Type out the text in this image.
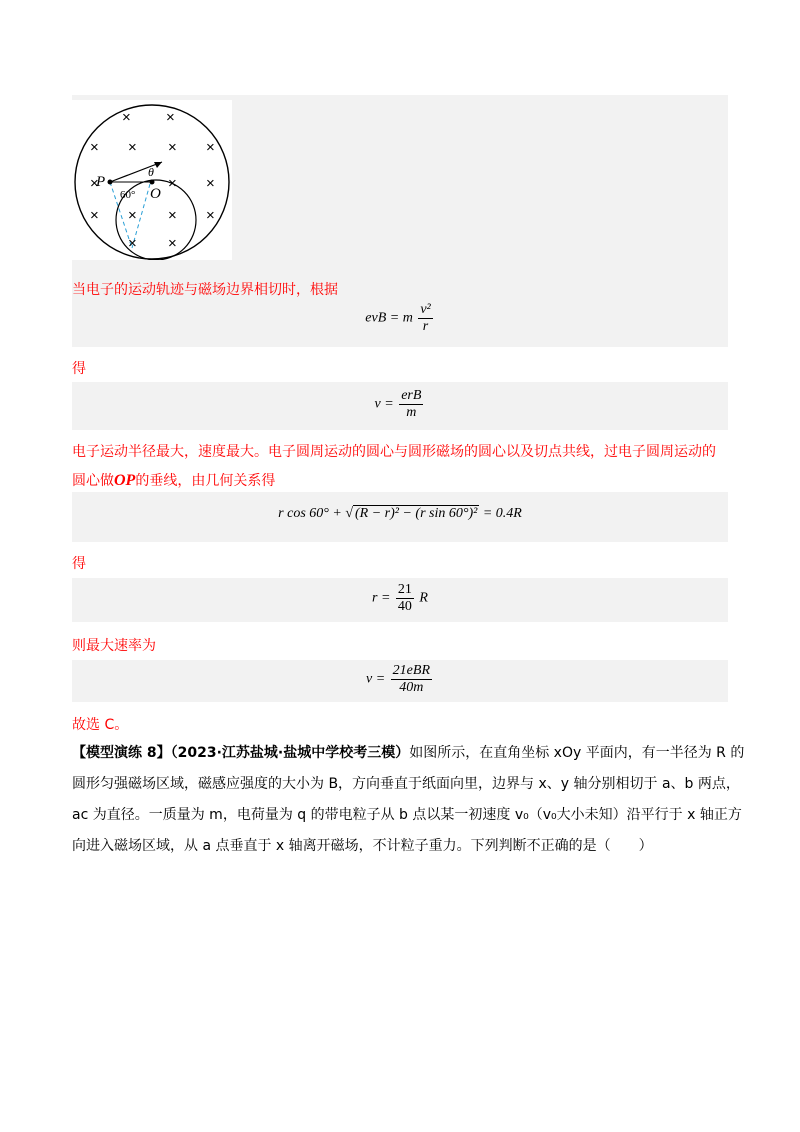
× ×
× × × ×
×	× ×
× × × ×
× ×
P
O
θ
60°
当电子的运动轨迹与磁场边界相切时，根据
evB = m $\frac{\text{v²}}{r}$
得
$v = \frac{\text{erB}}{m}$
电子运动半径最大，速度最大。电子圆周运动的圆心与圆形磁场的圆心以及切点共线，过电子圆周运动的
圆心做OP的垂线，由几何关系得
r cos 60° + √ (R − r)² − (r sin 60°)² = 0.4R
得
$r = \frac{21}{40}$ R
则最大速率为
$v = \frac{\text{21eBR}}{40m}$
故选 C。
【模型演练 8】（2023·江苏盐城·盐城中学校考三模）如图所示，在直角坐标 xOy 平面内，有一半径为 R 的
圆形匀强磁场区域，磁感应强度的大小为 B，方向垂直于纸面向里，边界与 x、y 轴分别相切于 a、b 两点，
ac 为直径。一质量为 m，电荷量为 q 的带电粒子从 b 点以某一初速度 v₀（v₀大小未知）沿平行于 x 轴正方
向进入磁场区域，从 a 点垂直于 x 轴离开磁场，不计粒子重力。下列判断不正确的是（　　）
